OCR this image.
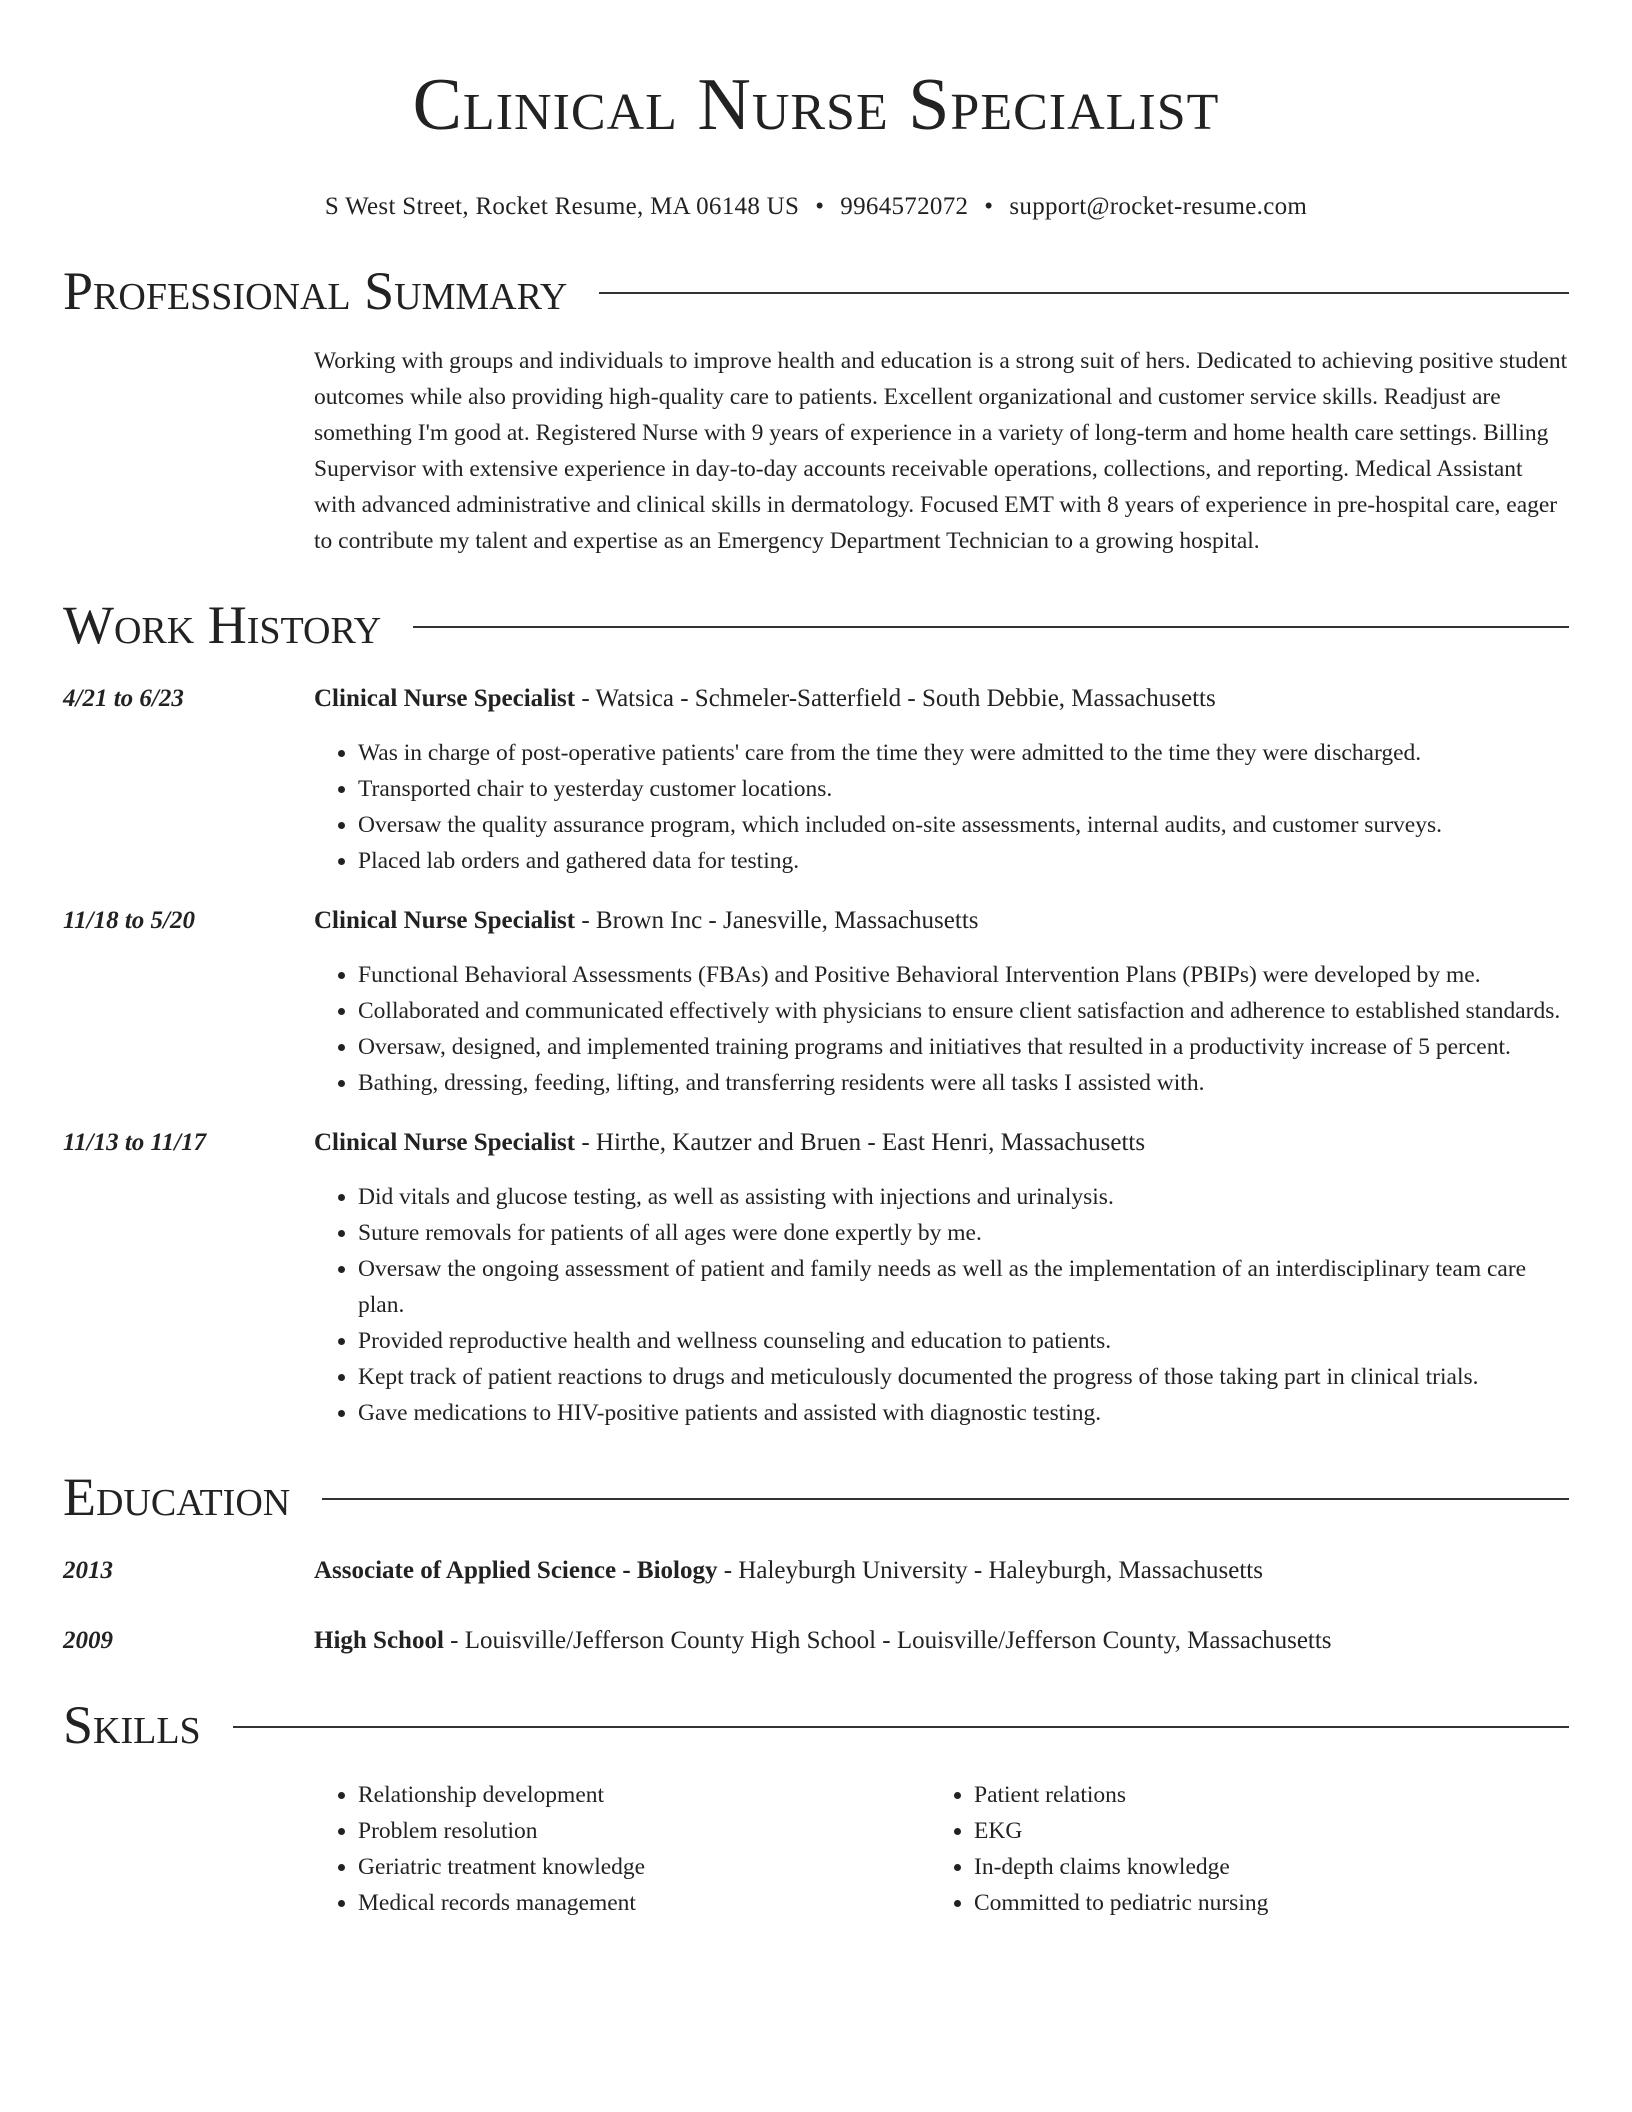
Clinical Nurse Specialist
S West Street, Rocket Resume, MA 06148 US • 9964572072 • support@rocket-resume.com
Professional Summary
Working with groups and individuals to improve health and education is a strong suit of hers. Dedicated to achieving positive student outcomes while also providing high-quality care to patients. Excellent organizational and customer service skills. Readjust are something I'm good at. Registered Nurse with 9 years of experience in a variety of long-term and home health care settings. Billing Supervisor with extensive experience in day-to-day accounts receivable operations, collections, and reporting. Medical Assistant with advanced administrative and clinical skills in dermatology. Focused EMT with 8 years of experience in pre-hospital care, eager to contribute my talent and expertise as an Emergency Department Technician to a growing hospital.
Work History
4/21 to 6/23	Clinical Nurse Specialist - Watsica - Schmeler-Satterfield - South Debbie, Massachusetts
• Was in charge of post-operative patients' care from the time they were admitted to the time they were discharged.
• Transported chair to yesterday customer locations.
• Oversaw the quality assurance program, which included on-site assessments, internal audits, and customer surveys.
• Placed lab orders and gathered data for testing.
11/18 to 5/20	Clinical Nurse Specialist - Brown Inc - Janesville, Massachusetts
• Functional Behavioral Assessments (FBAs) and Positive Behavioral Intervention Plans (PBIPs) were developed by me.
• Collaborated and communicated effectively with physicians to ensure client satisfaction and adherence to established standards.
• Oversaw, designed, and implemented training programs and initiatives that resulted in a productivity increase of 5 percent.
• Bathing, dressing, feeding, lifting, and transferring residents were all tasks I assisted with.
11/13 to 11/17	Clinical Nurse Specialist - Hirthe, Kautzer and Bruen - East Henri, Massachusetts
• Did vitals and glucose testing, as well as assisting with injections and urinalysis.
• Suture removals for patients of all ages were done expertly by me.
• Oversaw the ongoing assessment of patient and family needs as well as the implementation of an interdisciplinary team care plan.
• Provided reproductive health and wellness counseling and education to patients.
• Kept track of patient reactions to drugs and meticulously documented the progress of those taking part in clinical trials.
• Gave medications to HIV-positive patients and assisted with diagnostic testing.
Education
2013	Associate of Applied Science - Biology - Haleyburgh University - Haleyburgh, Massachusetts
2009	High School - Louisville/Jefferson County High School - Louisville/Jefferson County, Massachusetts
Skills
• Relationship development
• Problem resolution
• Geriatric treatment knowledge
• Medical records management
• Patient relations
• EKG
• In-depth claims knowledge
• Committed to pediatric nursing
